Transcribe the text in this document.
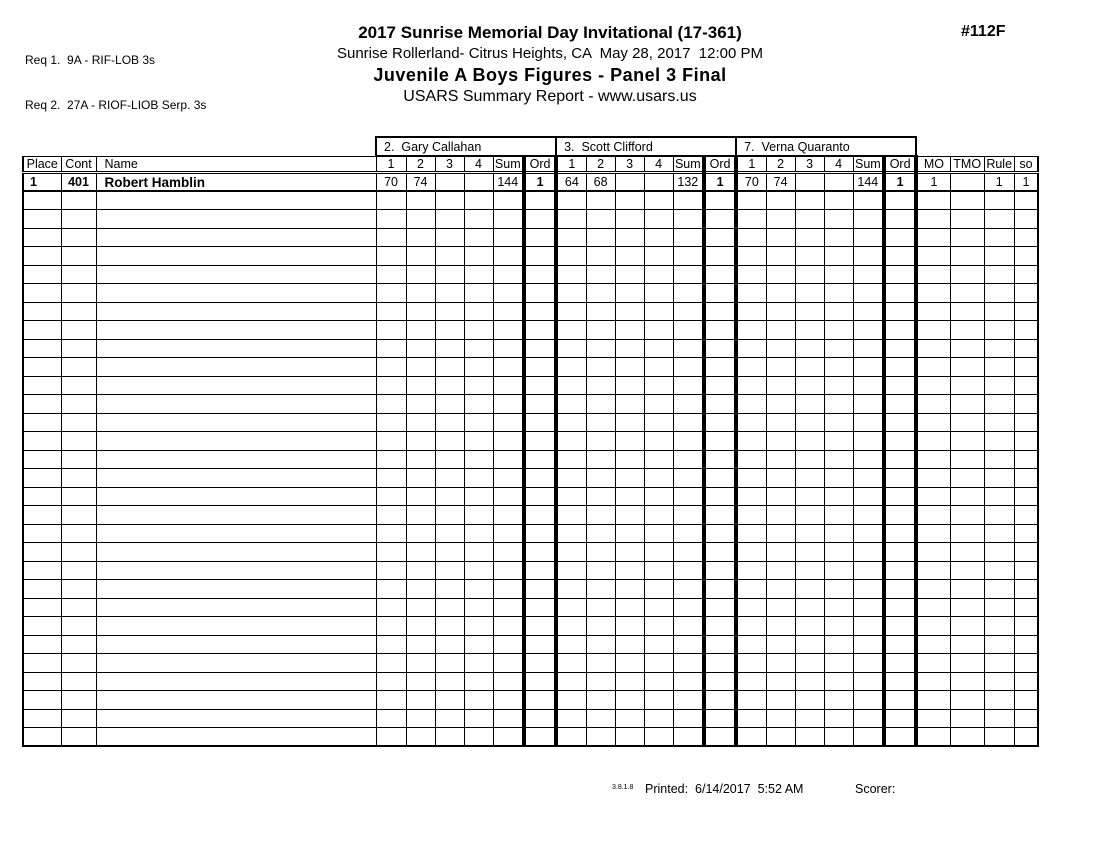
Req 1.  9A - RIF-LOB 3s

Req 2.  27A - RIOF-LIOB Serp. 3s

2017 Sunrise Memorial Day Invitational (17-361)
Sunrise Rollerland- Citrus Heights, CA  May 28, 2017  12:00 PM
Juvenile A Boys Figures - Panel 3 Final
USARS Summary Report - www.usars.us
#112F
			2.  Gary Callahan						3.  Scott Clifford						7.  Verna Quaranto									
Place	Cont	Name	1	2	3	4	Sum	Ord	1	2	3	4	Sum	Ord	1	2	3	4	Sum	Ord	MO	TMO	Rule	so
1	401	Robert Hamblin	70	74			144	1	64	68			132	1	70	74			144	1	1		1	1

3.8.1.8 Printed:  6/14/2017  5:52 AM	Scorer:
